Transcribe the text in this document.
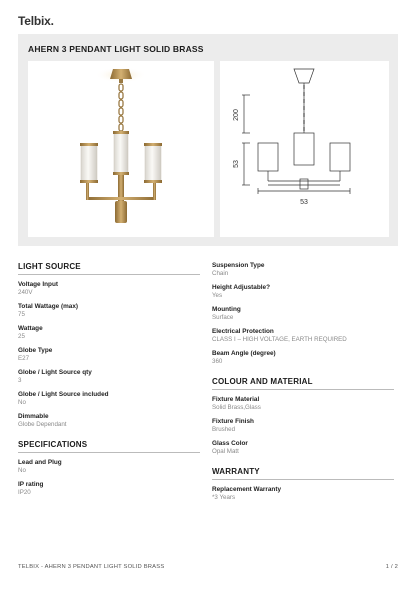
Telbix.
AHERN 3 PENDANT LIGHT SOLID BRASS
200
53
53
LIGHT SOURCE
Voltage Input
240V
Total Wattage (max)
75
Wattage
25
Globe Type
E27
Globe / Light Source qty
3
Globe / Light Source included
No
Dimmable
Globe Dependant
SPECIFICATIONS
Lead and Plug
No
IP rating
IP20
Suspension Type
Chain
Height Adjustable?
Yes
Mounting
Surface
Electrical Protection
CLASS I – HIGH VOLTAGE, EARTH REQUIRED
Beam Angle (degree)
360
COLOUR AND MATERIAL
Fixture Material
Solid Brass,Glass
Fixture Finish
Brushed
Glass Color
Opal Matt
WARRANTY
Replacement Warranty
*3 Years
TELBIX - AHERN 3 PENDANT LIGHT SOLID BRASS	1 / 2
